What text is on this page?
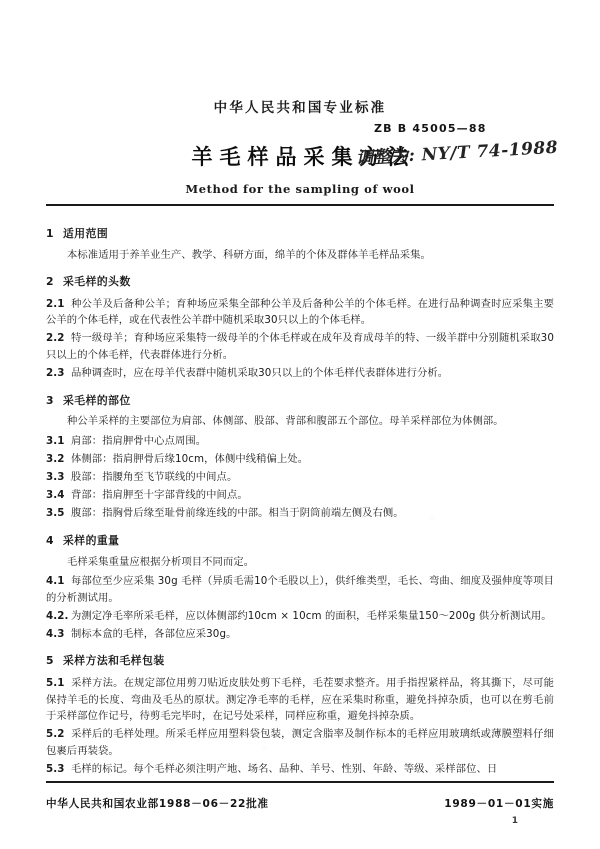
中华人民共和国专业标准
羊毛样品采集方法
Method for the sampling of wool
ZB B 45005—88
调整为: NY/T 74-1988
1 适用范围
本标准适用于养羊业生产、教学、科研方面，绵羊的个体及群体羊毛样品采集。
2 采毛样的头数
2.1 种公羊及后备种公羊；育种场应采集全部种公羊及后备种公羊的个体毛样。在进行品种调查时应采集主要公羊的个体毛样，或在代表性公羊群中随机采取30只以上的个体毛样。
2.2 特一级母羊；育种场应采集特一级母羊的个体毛样或在成年及育成母羊的特、一级羊群中分别随机采取30只以上的个体毛样，代表群体进行分析。
2.3 品种调查时，应在母羊代表群中随机采取30只以上的个体毛样代表群体进行分析。
3 采毛样的部位
种公羊采样的主要部位为肩部、体侧部、股部、背部和腹部五个部位。母羊采样部位为体侧部。
3.1 肩部：指肩胛骨中心点周围。
3.2 体侧部：指肩胛骨后缘10cm，体侧中线稍偏上处。
3.3 股部：指腰角至飞节联线的中间点。
3.4 背部：指肩胛至十字部背线的中间点。
3.5 腹部：指胸骨后缘至耻骨前缘连线的中部。相当于阴筒前端左侧及右侧。
4 采样的重量
毛样采集重量应根据分析项目不同而定。
4.1 每部位至少应采集 30g 毛样（异质毛需10个毛股以上），供纤维类型，毛长、弯曲、细度及强伸度等项目的分析测试用。
4.2. 为测定净毛率所采毛样，应以体侧部约10cm × 10cm 的面积，毛样采集量150～200g 供分析测试用。
4.3 制标本盒的毛样，各部位应采30g。
5 采样方法和毛样包装
5.1 采样方法。在规定部位用剪刀贴近皮肤处剪下毛样，毛茬要求整齐。用手指捏紧样品，将其撕下，尽可能保持羊毛的长度、弯曲及毛丛的原状。测定净毛率的毛样，应在采集时称重，避免抖掉杂质，也可以在剪毛前于采样部位作记号，待剪毛完毕时，在记号处采样，同样应称重，避免抖掉杂质。
5.2 采样后的毛样处理。所采毛样应用塑料袋包装，测定含脂率及制作标本的毛样应用玻璃纸或薄膜塑料仔细包裹后再装袋。
5.3 毛样的标记。每个毛样必须注明产地、场名、品种、羊号、性别、年龄、等级、采样部位、日
中华人民共和国农业部1988－06－22批准	1989－01－01实施
1
